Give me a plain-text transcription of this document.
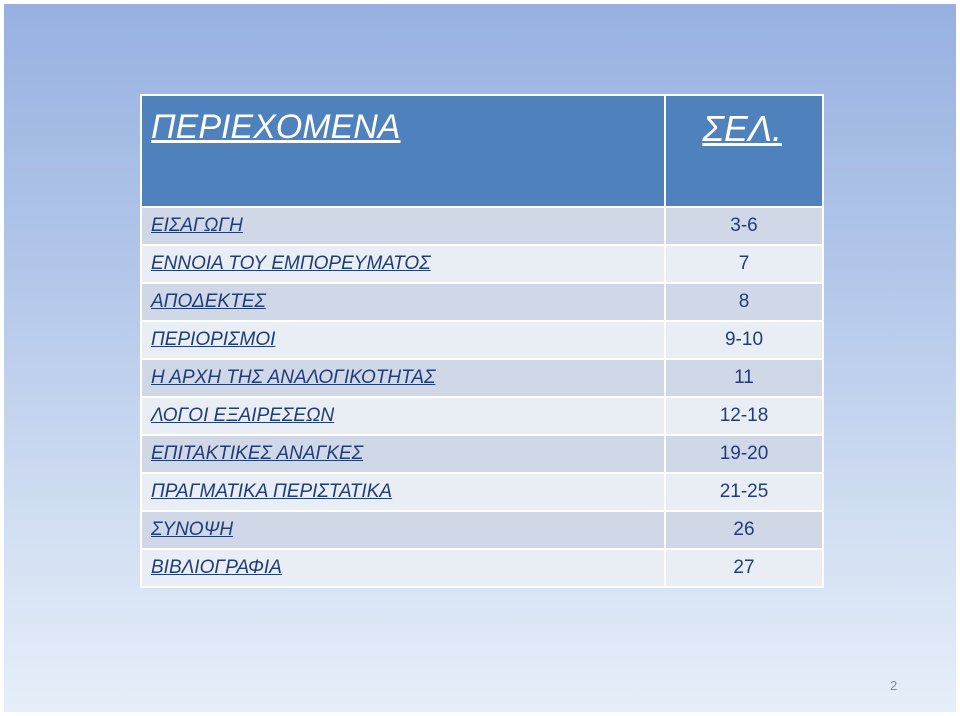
ΠΕΡΙΕΧΟΜΕΝΑ	ΣΕΛ.
ΕΙΣΑΓΩΓΗ	3-6
ΕΝΝΟΙΑ ΤΟΥ ΕΜΠΟΡΕΥΜΑΤΟΣ	7
ΑΠΟΔΕΚΤΕΣ	8
ΠΕΡΙΟΡΙΣΜΟΙ	9-10
Η ΑΡΧΗ ΤΗΣ ΑΝΑΛΟΓΙΚΟΤΗΤΑΣ	11
ΛΟΓΟΙ ΕΞΑΙΡΕΣΕΩΝ	12-18
ΕΠΙΤΑΚΤΙΚΕΣ ΑΝΑΓΚΕΣ	19-20
ΠΡΑΓΜΑΤΙΚΑ ΠΕΡΙΣΤΑΤΙΚΑ	21-25
ΣΥΝΟΨΗ	26
ΒΙΒΛΙΟΓΡΑΦΙΑ	27
2
